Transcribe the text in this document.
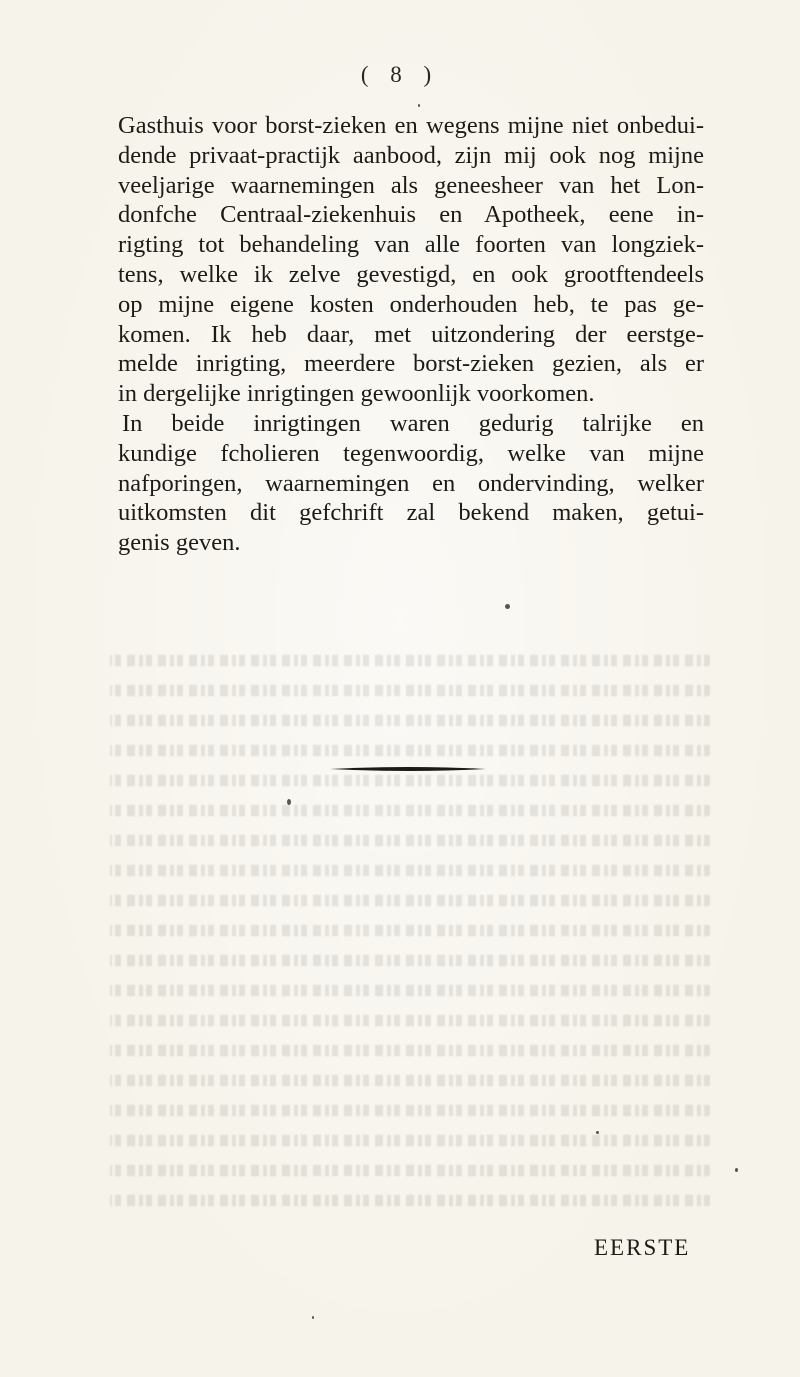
( 8 )
Gasthuis voor borst-zieken en wegens mijne niet onbedui-
dende privaat-practijk aanbood, zijn mij ook nog mijne
veeljarige waarnemingen als geneesheer van het Lon-
donfche Centraal-ziekenhuis en Apotheek, eene in-
rigting tot behandeling van alle foorten van longziek-
tens, welke ik zelve gevestigd, en ook grootftendeels
op mijne eigene kosten onderhouden heb, te pas ge-
komen. Ik heb daar, met uitzondering der eerstge-
melde inrigting, meerdere borst-zieken gezien, als er
in dergelijke inrigtingen gewoonlijk voorkomen.
In beide inrigtingen waren gedurig talrijke en
kundige fcholieren tegenwoordig, welke van mijne
nafporingen, waarnemingen en ondervinding, welker
uitkomsten dit gefchrift zal bekend maken, getui-
genis geven.
EERSTE
